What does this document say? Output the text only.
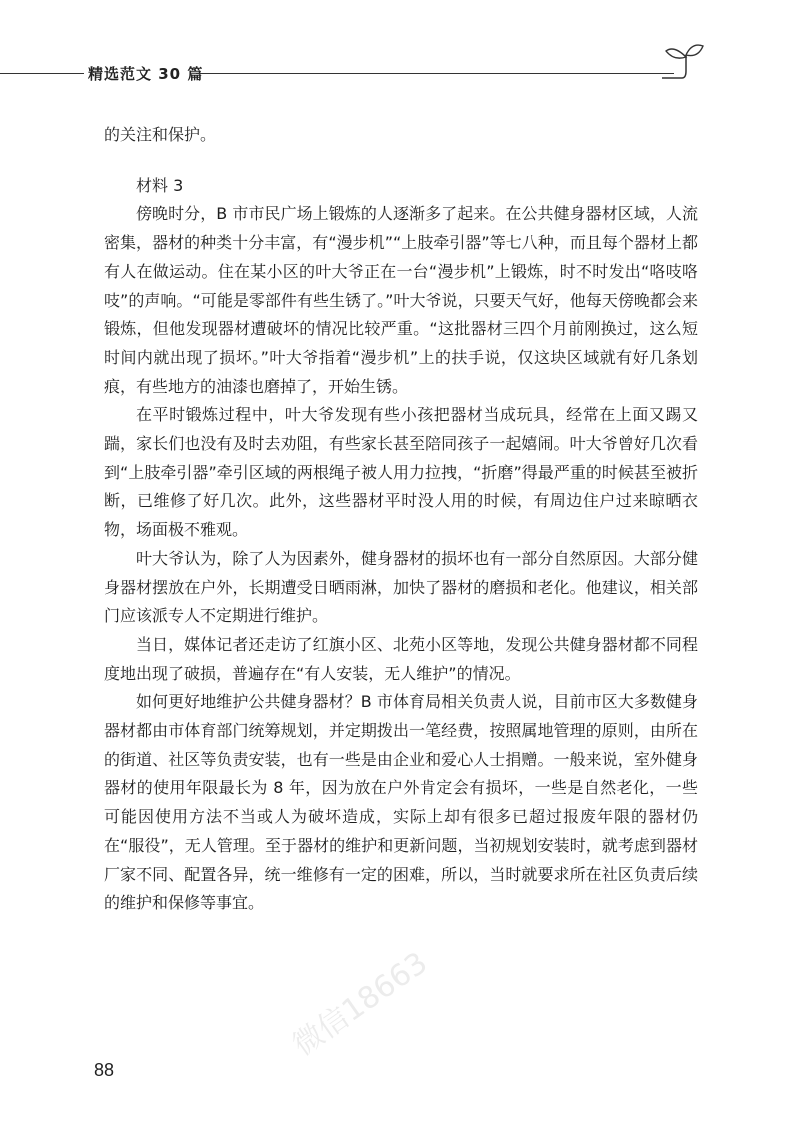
精选范文 30 篇

的关注和保护。

材料 3

傍晚时分，B 市市民广场上锻炼的人逐渐多了起来。在公共健身器材区域，人流密集，器材的种类十分丰富，有“漫步机”“上肢牵引器”等七八种，而且每个器材上都有人在做运动。住在某小区的叶大爷正在一台“漫步机”上锻炼，时不时发出“咯吱咯吱”的声响。“可能是零部件有些生锈了。”叶大爷说，只要天气好，他每天傍晚都会来锻炼，但他发现器材遭破坏的情况比较严重。“这批器材三四个月前刚换过，这么短时间内就出现了损坏。”叶大爷指着“漫步机”上的扶手说，仅这块区域就有好几条划痕，有些地方的油漆也磨掉了，开始生锈。

在平时锻炼过程中，叶大爷发现有些小孩把器材当成玩具，经常在上面又踢又踹，家长们也没有及时去劝阻，有些家长甚至陪同孩子一起嬉闹。叶大爷曾好几次看到“上肢牵引器”牵引区域的两根绳子被人用力拉拽，“折磨”得最严重的时候甚至被折断，已维修了好几次。此外，这些器材平时没人用的时候，有周边住户过来晾晒衣物，场面极不雅观。

叶大爷认为，除了人为因素外，健身器材的损坏也有一部分自然原因。大部分健身器材摆放在户外，长期遭受日晒雨淋，加快了器材的磨损和老化。他建议，相关部门应该派专人不定期进行维护。

当日，媒体记者还走访了红旗小区、北苑小区等地，发现公共健身器材都不同程度地出现了破损，普遍存在“有人安装，无人维护”的情况。

如何更好地维护公共健身器材？B 市体育局相关负责人说，目前市区大多数健身器材都由市体育部门统筹规划，并定期拨出一笔经费，按照属地管理的原则，由所在的街道、社区等负责安装，也有一些是由企业和爱心人士捐赠。一般来说，室外健身器材的使用年限最长为 8 年，因为放在户外肯定会有损坏，一些是自然老化，一些可能因使用方法不当或人为破坏造成，实际上却有很多已超过报废年限的器材仍在“服役”，无人管理。至于器材的维护和更新问题，当初规划安装时，就考虑到器材厂家不同、配置各异，统一维修有一定的困难，所以，当时就要求所在社区负责后续的维护和保修等事宜。

88
微信18663
